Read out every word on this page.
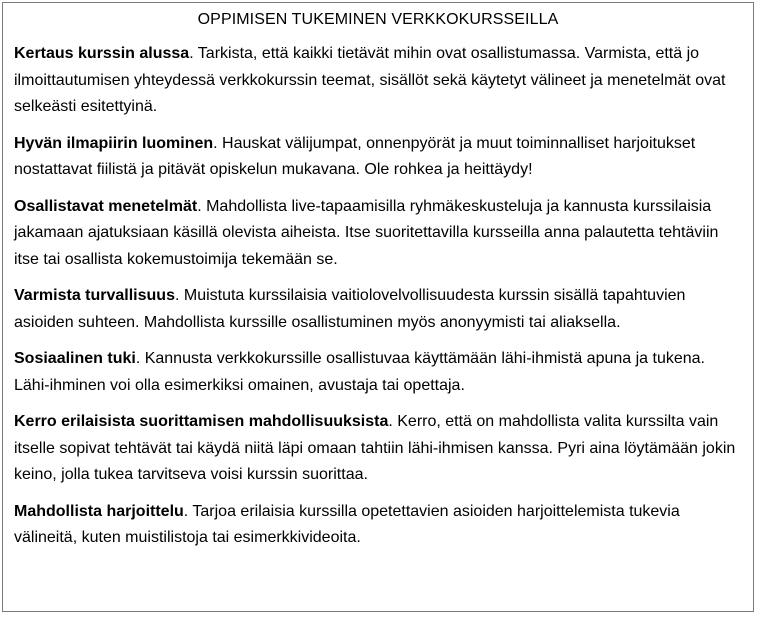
OPPIMISEN TUKEMINEN VERKKOKURSSEILLA

Kertaus kurssin alussa. Tarkista, että kaikki tietävät mihin ovat osallistumassa. Varmista, että jo ilmoittautumisen yhteydessä verkkokurssin teemat, sisällöt sekä käytetyt välineet ja menetelmät ovat selkeästi esitettyinä.

Hyvän ilmapiirin luominen. Hauskat välijumpat, onnenpyörät ja muut toiminnalliset harjoitukset nostattavat fiilistä ja pitävät opiskelun mukavana. Ole rohkea ja heittäydy!

Osallistavat menetelmät. Mahdollista live-tapaamisilla ryhmäkeskusteluja ja kannusta kurssilaisia jakamaan ajatuksiaan käsillä olevista aiheista. Itse suoritettavilla kursseilla anna palautetta tehtäviin itse tai osallista kokemustoimija tekemään se.

Varmista turvallisuus. Muistuta kurssilaisia vaitiolovelvollisuudesta kurssin sisällä tapahtuvien asioiden suhteen. Mahdollista kurssille osallistuminen myös anonyymisti tai aliaksella.

Sosiaalinen tuki. Kannusta verkkokurssille osallistuvaa käyttämään lähi-ihmistä apuna ja tukena. Lähi-ihminen voi olla esimerkiksi omainen, avustaja tai opettaja.

Kerro erilaisista suorittamisen mahdollisuuksista. Kerro, että on mahdollista valita kurssilta vain itselle sopivat tehtävät tai käydä niitä läpi omaan tahtiin lähi-ihmisen kanssa. Pyri aina löytämään jokin keino, jolla tukea tarvitseva voisi kurssin suorittaa.

Mahdollista harjoittelu. Tarjoa erilaisia kurssilla opetettavien asioiden harjoittelemista tukevia välineitä, kuten muistilistoja tai esimerkkivideoita.
